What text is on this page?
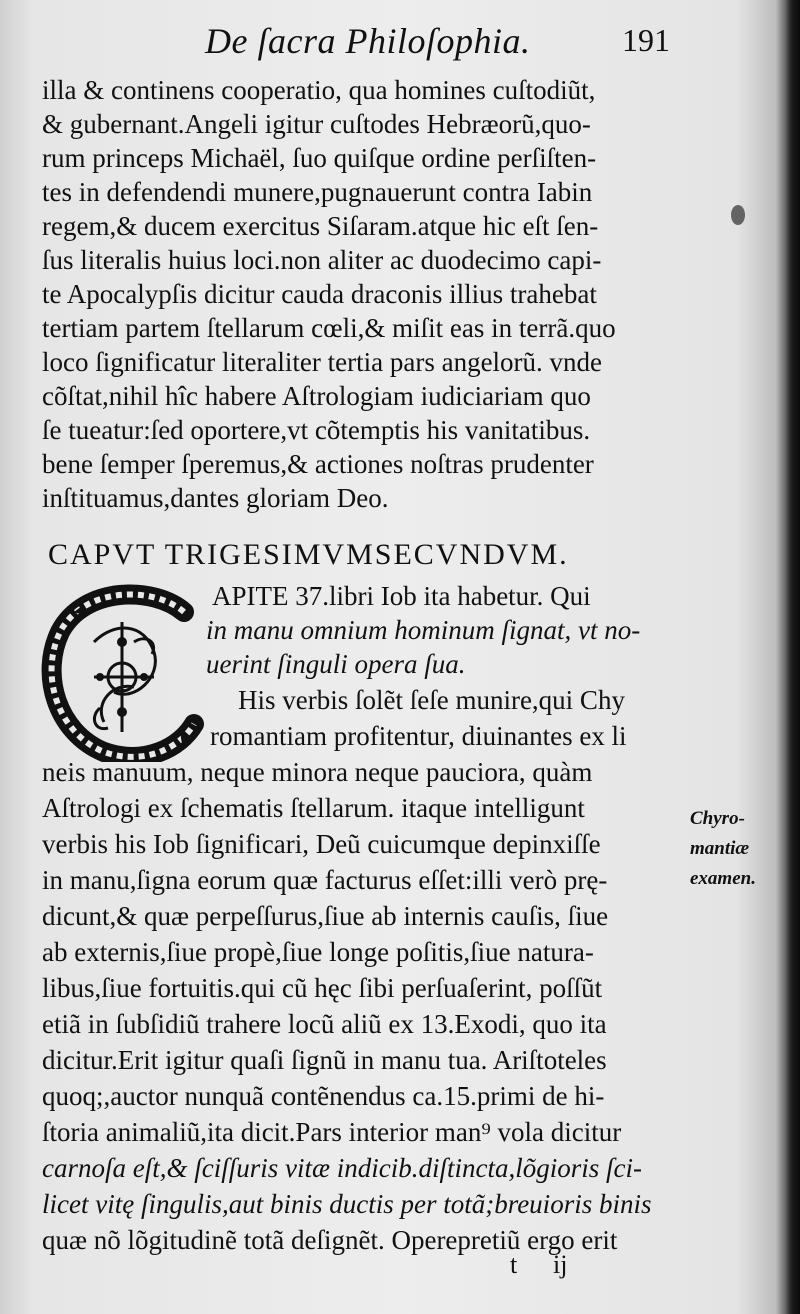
De ſacra Philoſophia.	191
illa & continens cooperatio, qua homines cuſtodiũt,
& gubernant.Angeli igitur cuſtodes Hebræorũ,quo-
rum princeps Michaël, ſuo quiſque ordine perſiſten-
tes in defendendi munere,pugnauerunt contra Iabin
regem,& ducem exercitus Siſaram.atque hic eſt ſen-
ſus literalis huius loci.non aliter ac duodecimo capi-
te Apocalypſis dicitur cauda draconis illius trahebat
tertiam partem ſtellarum cœli,& miſit eas in terrã.quo
loco ſignificatur literaliter tertia pars angelorũ. vnde
cõſtat,nihil hîc habere Aſtrologiam iudiciariam quo
ſe tueatur:ſed oportere,vt cõtemptis his vanitatibus.
bene ſemper ſperemus,& actiones noſtras prudenter
inſtituamus,dantes gloriam Deo.
CAPVT TRIGESIMVMSECVNDVM.
APITE 37.libri Iob ita habetur. Qui
in manu omnium hominum ſignat, vt no-
uerint ſinguli opera ſua.
His verbis ſolẽt ſeſe munire,qui Chy
romantiam profitentur, diuinantes ex li
neis manuum, neque minora neque pauciora, quàm
Aſtrologi ex ſchematis ſtellarum. itaque intelligunt
verbis his Iob ſignificari, Deũ cuicumque depinxiſſe
in manu,ſigna eorum quæ facturus eſſet:illi verò prę-
dicunt,& quæ perpeſſurus,ſiue ab internis cauſis, ſiue
ab externis,ſiue propè,ſiue longe poſitis,ſiue natura-
libus,ſiue fortuitis.qui cũ hęc ſibi perſuaſerint, poſſũt
etiã in ſubſidiũ trahere locũ aliũ ex 13.Exodi, quo ita
dicitur.Erit igitur quaſi ſignũ in manu tua. Ariſtoteles
quoq;,auctor nunquã contẽnendus ca.15.primi de hi-
ſtoria animaliũ,ita dicit.Pars interior man⁹ vola dicitur
carnoſa eſt,& ſciſſuris vitæ indicib.diſtincta,lõgioris ſci-
licet vitę ſingulis,aut binis ductis per totã;breuioris binis
quæ nõ lõgitudinẽ totã deſignẽt. Operepretiũ ergo erit
Chyro-
mantiæ
examen.
t ij
